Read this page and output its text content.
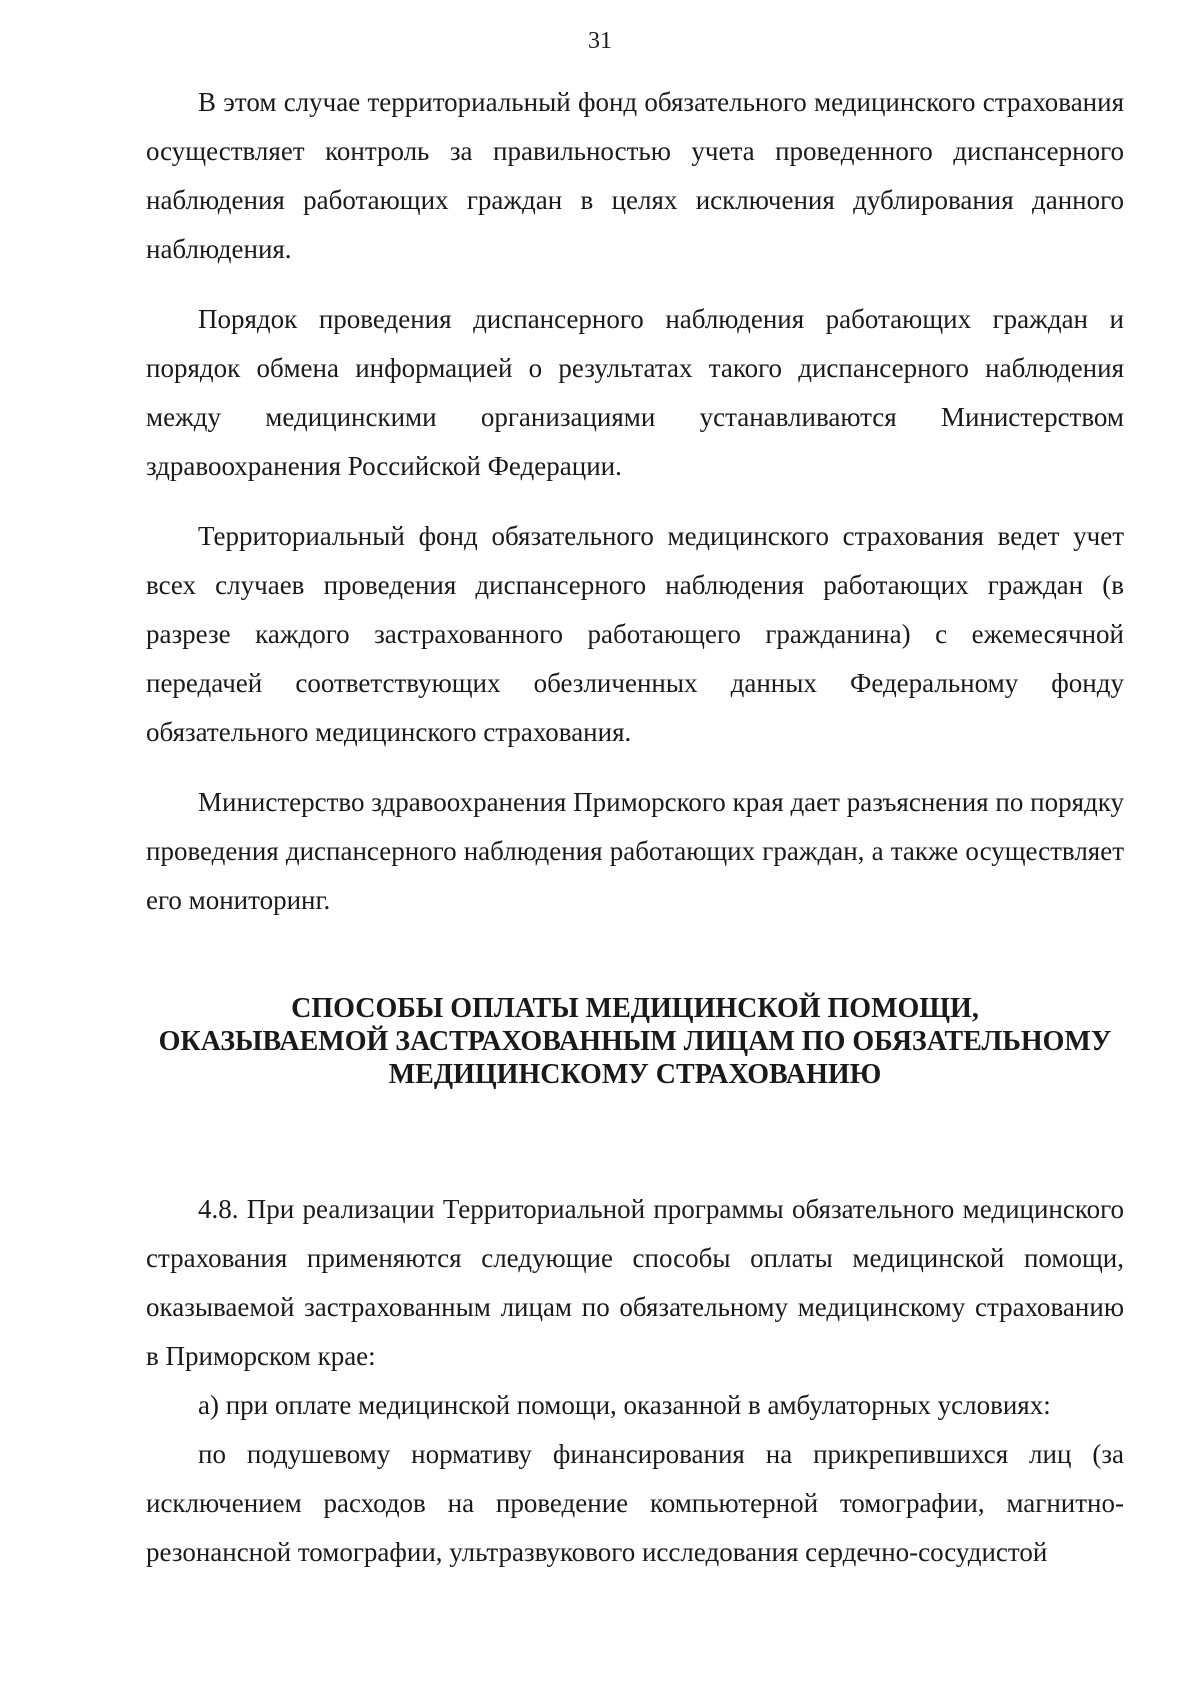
31

В этом случае территориальный фонд обязательного медицинского страхования осуществляет контроль за правильностью учета проведенного диспансерного наблюдения работающих граждан в целях исключения дублирования данного наблюдения.

Порядок проведения диспансерного наблюдения работающих граждан и порядок обмена информацией о результатах такого диспансерного наблюдения между медицинскими организациями устанавливаются Министерством здравоохранения Российской Федерации.

Территориальный фонд обязательного медицинского страхования ведет учет всех случаев проведения диспансерного наблюдения работающих граждан (в разрезе каждого застрахованного работающего гражданина) с ежемесячной передачей соответствующих обезличенных данных Федеральному фонду обязательного медицинского страхования.

Министерство здравоохранения Приморского края дает разъяснения по порядку проведения диспансерного наблюдения работающих граждан, а также осуществляет его мониторинг.

СПОСОБЫ ОПЛАТЫ МЕДИЦИНСКОЙ ПОМОЩИ,

ОКАЗЫВАЕМОЙ ЗАСТРАХОВАННЫМ ЛИЦАМ ПО ОБЯЗАТЕЛЬНОМУ

МЕДИЦИНСКОМУ СТРАХОВАНИЮ

4.8. При реализации Территориальной программы обязательного медицинского страхования применяются следующие способы оплаты медицинской помощи, оказываемой застрахованным лицам по обязательному медицинскому страхованию в Приморском крае:

а) при оплате медицинской помощи, оказанной в амбулаторных условиях:

по подушевому нормативу финансирования на прикрепившихся лиц (за исключением расходов на проведение компьютерной томографии, магнитно-резонансной томографии, ультразвукового исследования сердечно-сосудистой
